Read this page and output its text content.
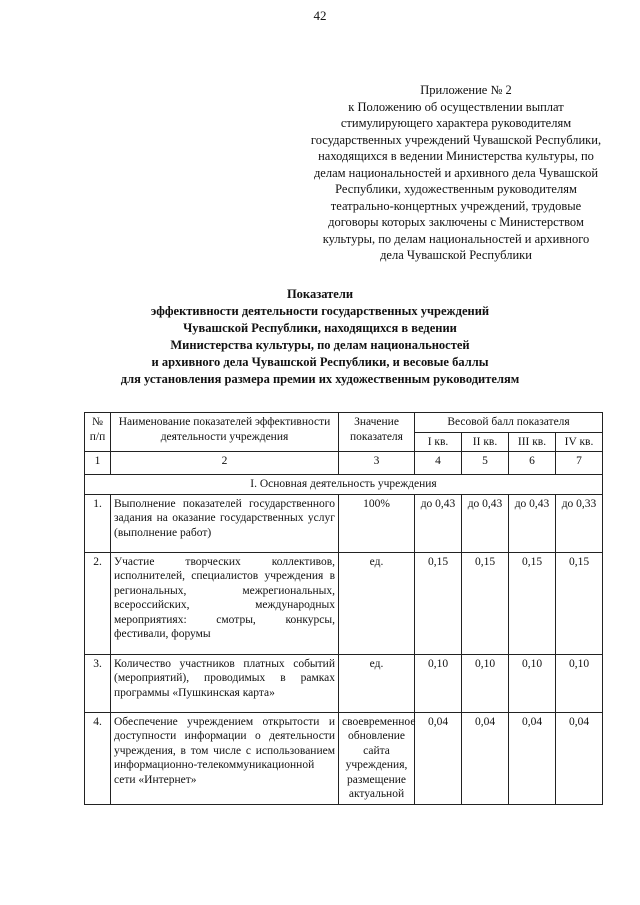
42
Приложение № 2
к Положению об осуществлении выплат стимулирующего характера руководителям государственных учреждений Чувашской Республики, находящихся в ведении Министерства культуры, по делам национальностей и архивного дела Чувашской Республики, художественным руководителям театрально-концертных учреждений, трудовые договоры которых заключены с Министерством культуры, по делам национальностей и архивного дела Чувашской Республики
Показатели
эффективности деятельности государственных учреждений
Чувашской Республики, находящихся в ведении
Министерства культуры, по делам национальностей
и архивного дела Чувашской Республики, и весовые баллы
для установления размера премии их художественным руководителям
№ п/п	Наименование показателей эффективности деятельности учреждения	Значение показателя	Весовой балл показателя			
			I кв.	II кв.	III кв.	IV кв.
1	2	3	4	5	6	7
I. Основная деятельность учреждения						
1.	Выполнение показателей государственного задания на оказание государственных услуг (выполнение работ)	100%	до 0,43	до 0,43	до 0,43	до 0,33
2.	Участие творческих коллективов, исполнителей, специалистов учреждения в региональных, межрегиональных, всероссийских, международных мероприятиях: смотры, конкурсы, фестивали, форумы	ед.	0,15	0,15	0,15	0,15
3.	Количество участников платных событий (мероприятий), проводимых в рамках программы «Пушкинская карта»	ед.	0,10	0,10	0,10	0,10
4.	Обеспечение учреждением открытости и доступности информации о деятельности учреждения, в том числе с использованием информационно-телекоммуникационной сети «Интернет»	своевременное обновление сайта учреждения, размещение актуальной	0,04	0,04	0,04	0,04
